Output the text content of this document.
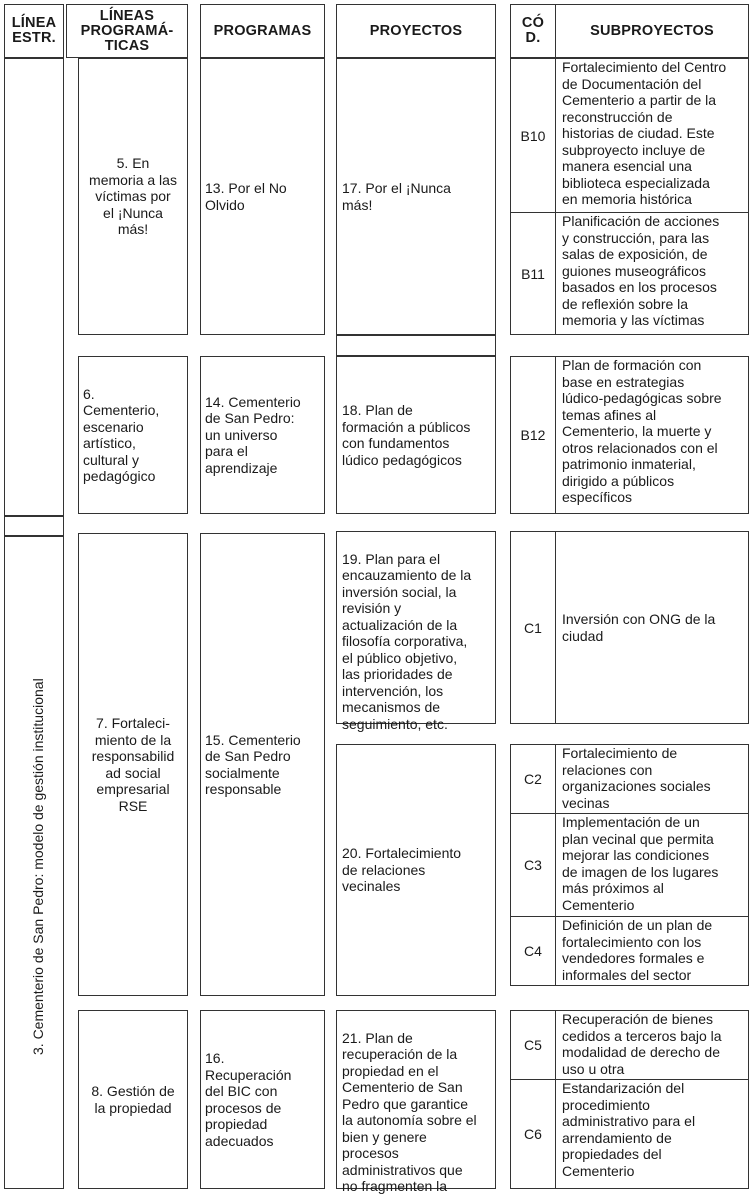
LÍNEA
ESTR.
3. Cementerio de San Pedro: modelo de gestión institucional
LÍNEAS
PROGRAMÁ-
TICAS
5. En
memoria a las
víctimas por
el ¡Nunca
más!
6.
Cementerio,
escenario
artístico,
cultural y
pedagógico
7. Fortaleci-
miento de la
responsabilid
ad social
empresarial
RSE
8. Gestión de
la propiedad
PROGRAMAS
13. Por el No
Olvido
14. Cementerio
de San Pedro:
un universo
para el
aprendizaje
15. Cementerio
de San Pedro
socialmente
responsable
16.
Recuperación
del BIC con
procesos de
propiedad
adecuados
PROYECTOS
17. Por el ¡Nunca
más!
18. Plan de
formación a públicos
con fundamentos
lúdico pedagógicos

19. Plan para el
encauzamiento de la
inversión social, la
revisión y
actualización de la
filosofía corporativa,
el público objetivo,
las prioridades de
intervención, los
mecanismos de
seguimiento, etc.

20. Fortalecimiento
de relaciones
vecinales

21. Plan de
recuperación de la
propiedad en el
Cementerio de San
Pedro que garantice
la autonomía sobre el
bien y genere
procesos
administrativos que
no fragmenten la

CÓ
D.	SUBPROYECTOS
B10
Fortalecimiento del Centro
de Documentación del
Cementerio a partir de la
reconstrucción de
historias de ciudad. Este
subproyecto incluye de
manera esencial una
biblioteca especializada
en memoria histórica
B11
Planificación de acciones
y construcción, para las
salas de exposición, de
guiones museográficos
basados en los procesos
de reflexión sobre la
memoria y las víctimas
B12
Plan de formación con
base en estrategias
lúdico-pedagógicas sobre
temas afines al
Cementerio, la muerte y
otros relacionados con el
patrimonio inmaterial,
dirigido a públicos
específicos
C1
Inversión con ONG de la
ciudad
C2
Fortalecimiento de
relaciones con
organizaciones sociales
vecinas
C3
Implementación de un
plan vecinal que permita
mejorar las condiciones
de imagen de los lugares
más próximos al
Cementerio
C4
Definición de un plan de
fortalecimiento con los
vendedores formales e
informales del sector
C5
Recuperación de bienes
cedidos a terceros bajo la
modalidad de derecho de
uso u otra
C6
Estandarización del
procedimiento
administrativo para el
arrendamiento de
propiedades del
Cementerio
